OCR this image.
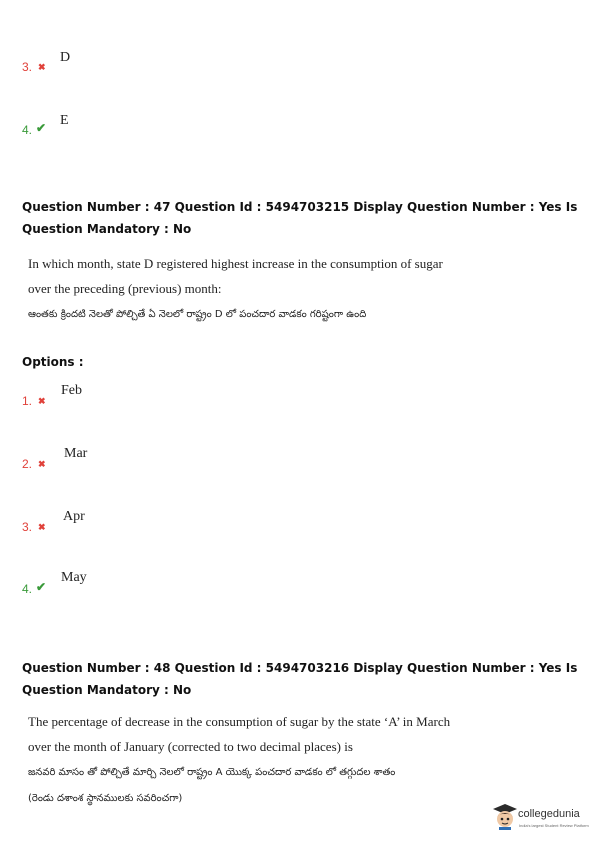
3. ✖
D
4. ✔ E
Question Number : 47 Question Id : 5494703215 Display Question Number : Yes Is Question Mandatory : No
In which month, state D registered highest increase in the consumption of sugar
over the preceding (previous) month:
ఆంతకు క్రిందటి నెలతో పోల్చితే ఏ నెలలో రాష్ట్రం D లో పంచదార వాడకం గరిష్టంగా ఉంది
Options :
1. ✖
Feb
2. ✖
Mar
3. ✖
Apr
4. ✔
May
Question Number : 48 Question Id : 5494703216 Display Question Number : Yes Is Question Mandatory : No
The percentage of decrease in the consumption of sugar by the state ‘A’ in March
over the month of January (corrected to two decimal places) is
జనవరి మాసం తో పోల్చితే మార్చి నెలలో రాష్ట్రం A యొక్క పంచదార వాడకం లో తగ్గుదల శాతం
(రెండు దశాంశ స్థానములకు సవరించగా)
collegedunia
India's largest Student Review Platform
